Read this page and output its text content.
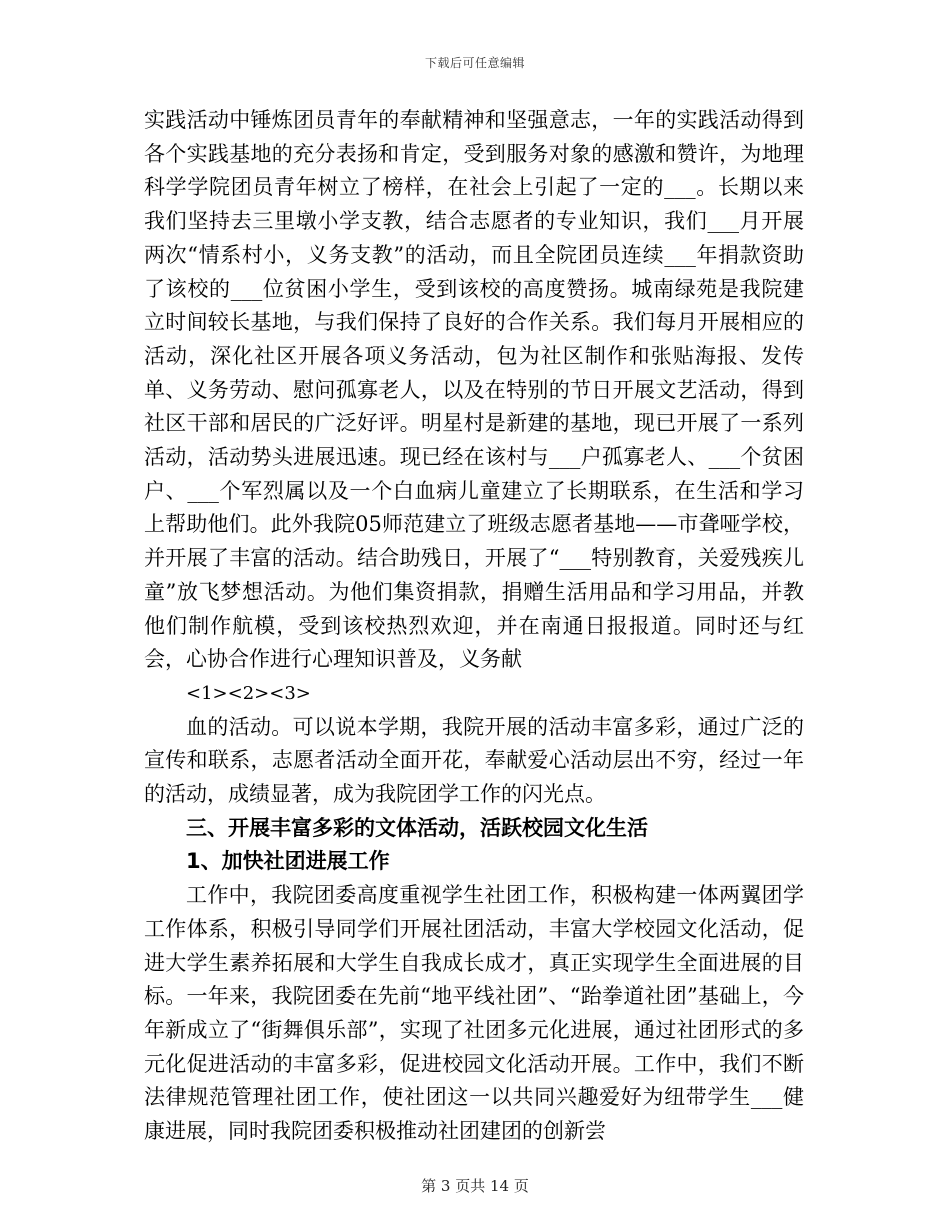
下载后可任意编辑

实践活动中锤炼团员青年的奉献精神和坚强意志，一年的实践活动得到各个实践基地的充分表扬和肯定，受到服务对象的感激和赞许，为地理科学学院团员青年树立了榜样，在社会上引起了一定的___。长期以来我们坚持去三里墩小学支教，结合志愿者的专业知识，我们___月开展两次“情系村小，义务支教”的活动，而且全院团员连续___年捐款资助了该校的___位贫困小学生，受到该校的高度赞扬。城南绿苑是我院建立时间较长基地，与我们保持了良好的合作关系。我们每月开展相应的活动，深化社区开展各项义务活动，包为社区制作和张贴海报、发传单、义务劳动、慰问孤寡老人，以及在特别的节日开展文艺活动，得到社区干部和居民的广泛好评。明星村是新建的基地，现已开展了一系列活动，活动势头进展迅速。现已经在该村与___户孤寡老人、___个贫困户、___个军烈属以及一个白血病儿童建立了长期联系，在生活和学习上帮助他们。此外我院05师范建立了班级志愿者基地——市聋哑学校，并开展了丰富的活动。结合助残日，开展了“___特别教育，关爱残疾儿童”放飞梦想活动。为他们集资捐款，捐赠生活用品和学习用品，并教他们制作航模，受到该校热烈欢迎，并在南通日报报道。同时还与红会，心协合作进行心理知识普及，义务献

<1><2><3>

血的活动。可以说本学期，我院开展的活动丰富多彩，通过广泛的宣传和联系，志愿者活动全面开花，奉献爱心活动层出不穷，经过一年的活动，成绩显著，成为我院团学工作的闪光点。

三、开展丰富多彩的文体活动，活跃校园文化生活

1、加快社团进展工作

工作中，我院团委高度重视学生社团工作，积极构建一体两翼团学工作体系，积极引导同学们开展社团活动，丰富大学校园文化活动，促进大学生素养拓展和大学生自我成长成才，真正实现学生全面进展的目标。一年来，我院团委在先前“地平线社团”、“跆拳道社团”基础上，今年新成立了“街舞俱乐部”，实现了社团多元化进展，通过社团形式的多元化促进活动的丰富多彩，促进校园文化活动开展。工作中，我们不断法律规范管理社团工作，使社团这一以共同兴趣爱好为纽带学生___健康进展，同时我院团委积极推动社团建团的创新尝

第 3 页共 14 页
